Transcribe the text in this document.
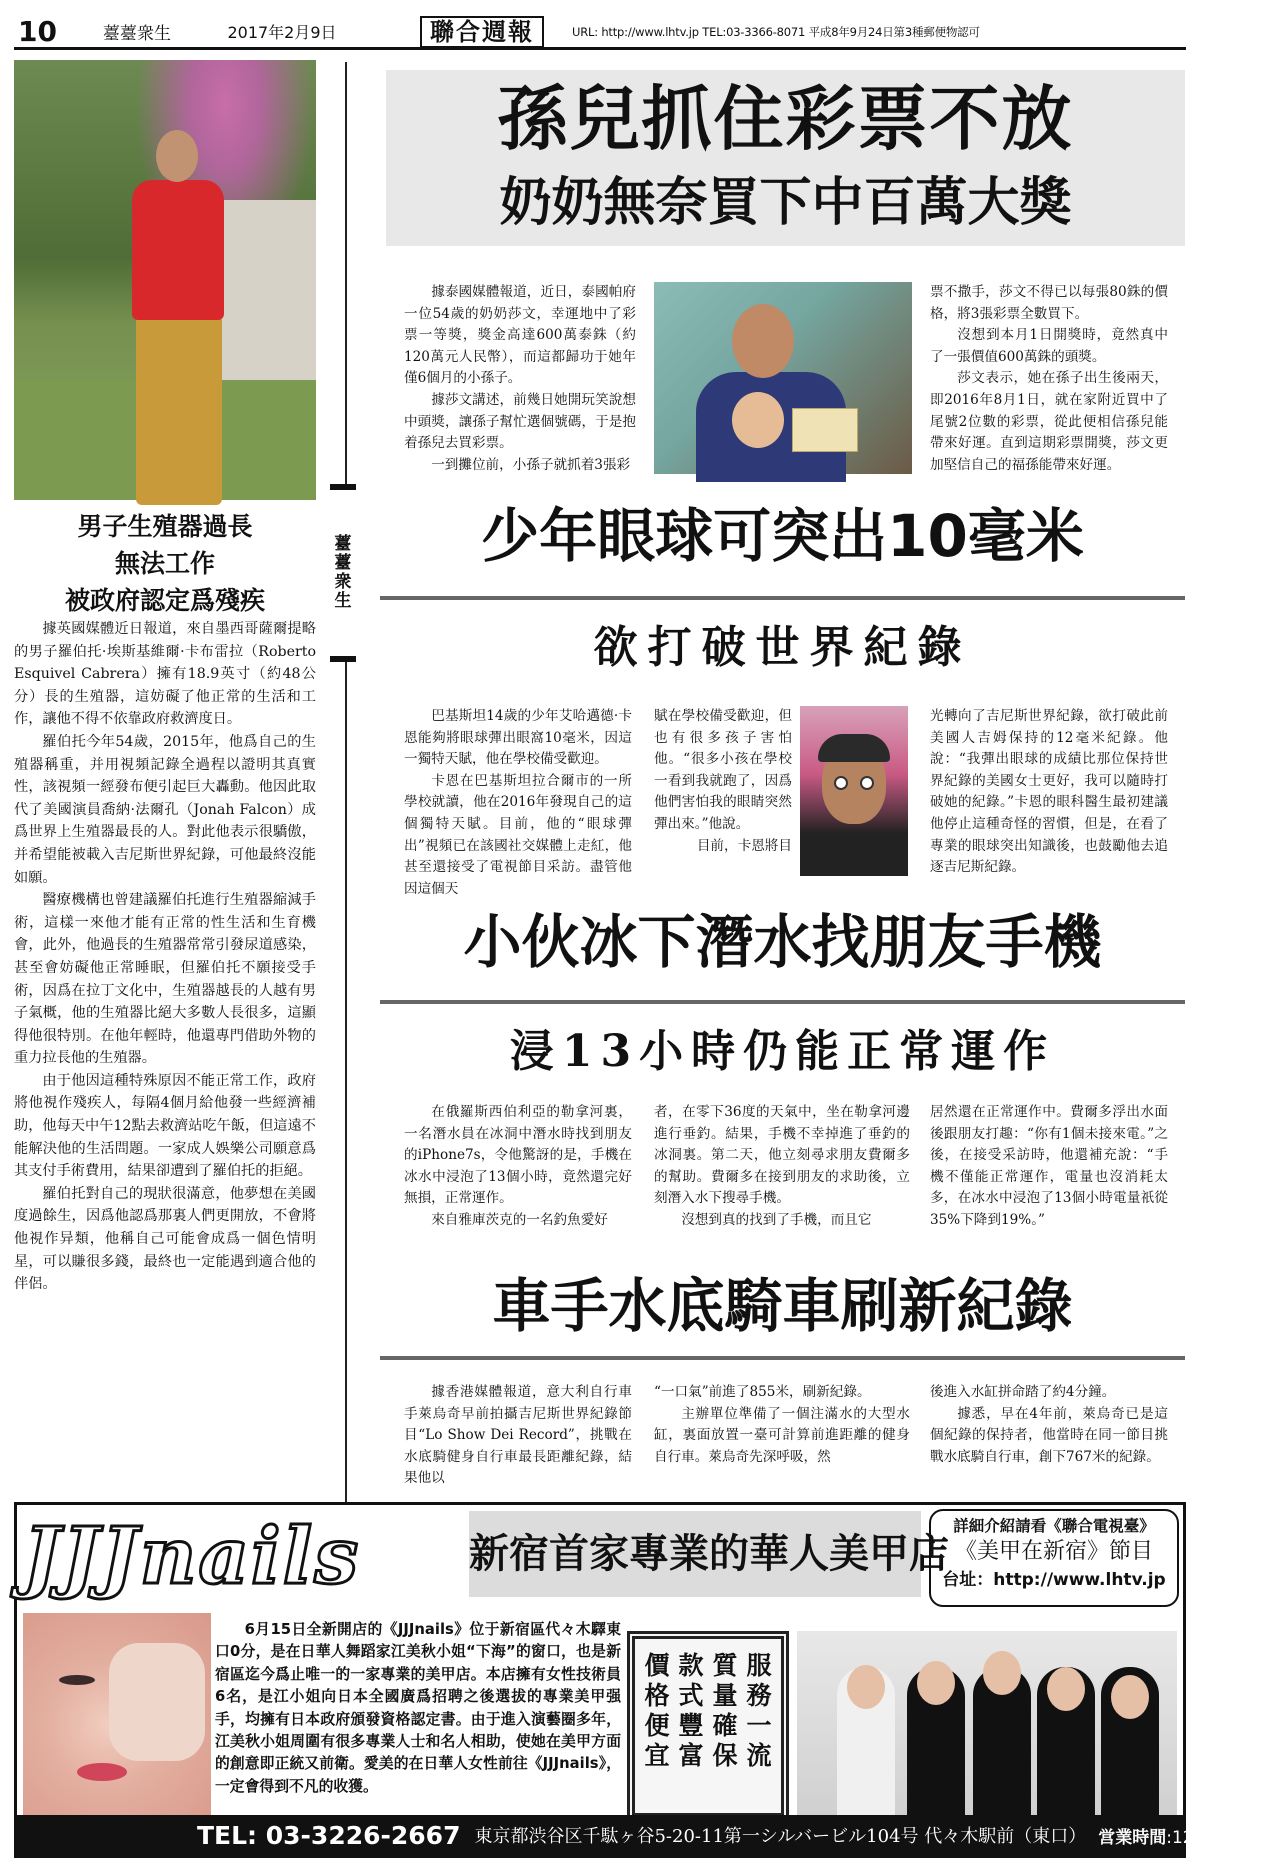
10	薹薹衆生	2017年2月9日	聯合週報	URL: http://www.lhtv.jp TEL:03-3366-8071 平成8年9月24日第3種郵便物認可
男子生殖器過長
無法工作
被政府認定爲殘疾

據英國媒體近日報道，來自墨西哥薩爾提略的男子羅伯托·埃斯基維爾·卡布雷拉（Roberto Esquivel Cabrera）擁有18.9英寸（約48公分）長的生殖器，這妨礙了他正常的生活和工作，讓他不得不依靠政府救濟度日。

羅伯托今年54歲，2015年，他爲自己的生殖器稱重，并用視頻記錄全過程以證明其真實性，該視頻一經發布便引起巨大轟動。他因此取代了美國演員喬納·法爾孔（Jonah Falcon）成爲世界上生殖器最長的人。對此他表示很驕傲，并希望能被載入吉尼斯世界紀錄，可他最終沒能如願。

醫療機構也曾建議羅伯托進行生殖器縮減手術，這樣一來他才能有正常的性生活和生育機會，此外，他過長的生殖器常常引發尿道感染，甚至會妨礙他正常睡眠，但羅伯托不願接受手術，因爲在拉丁文化中，生殖器越長的人越有男子氣概，他的生殖器比絕大多數人長很多，這顯得他很特別。在他年輕時，他還專門借助外物的重力拉長他的生殖器。

由于他因這種特殊原因不能正常工作，政府將他視作殘疾人，每隔4個月給他發一些經濟補助，他每天中午12點去救濟站吃午飯，但這遠不能解決他的生活問題。一家成人娛樂公司願意爲其支付手術費用，結果卻遭到了羅伯托的拒絕。

羅伯托對自己的現狀很滿意，他夢想在美國度過餘生，因爲他認爲那裏人們更開放，不會將他視作异類，他稱自己可能會成爲一個色情明星，可以賺很多錢，最終也一定能遇到適合他的伴侶。

薹
薹
衆
生
孫兒抓住彩票不放
奶奶無奈買下中百萬大獎

據泰國媒體報道，近日，泰國帕府一位54歲的奶奶莎文，幸運地中了彩票一等獎，獎金高達600萬泰銖（約120萬元人民幣），而這都歸功于她年僅6個月的小孫子。

據莎文講述，前幾日她開玩笑說想中頭獎，讓孫子幫忙選個號碼，于是抱着孫兒去買彩票。

一到攤位前，小孫子就抓着3張彩

票不撒手，莎文不得已以每張80銖的價格，將3張彩票全數買下。

沒想到本月1日開獎時，竟然真中了一張價值600萬銖的頭獎。

莎文表示，她在孫子出生後兩天，即2016年8月1日，就在家附近買中了尾號2位數的彩票，從此便相信孫兒能帶來好運。直到這期彩票開獎，莎文更加堅信自己的福孫能帶來好運。

少年眼球可突出10毫米
欲打破世界紀錄

巴基斯坦14歲的少年艾哈邁德·卡恩能夠將眼球彈出眼窩10毫米，因這一獨特天賦，他在學校備受歡迎。

卡恩在巴基斯坦拉合爾市的一所學校就讀，他在2016年發現自己的這個獨特天賦。目前，他的“眼球彈出”視頻已在該國社交媒體上走紅，他甚至還接受了電視節目采訪。盡管他因這個天

賦在學校備受歡迎，但也有很多孩子害怕他。“很多小孩在學校一看到我就跑了，因爲他們害怕我的眼睛突然彈出來。”他說。

目前，卡恩將目

光轉向了吉尼斯世界紀錄，欲打破此前美國人吉姆保持的12毫米紀錄。他說：“我彈出眼球的成績比那位保持世界紀錄的美國女士更好，我可以隨時打破她的紀錄。”卡恩的眼科醫生最初建議他停止這種奇怪的習慣，但是，在看了專業的眼球突出知識後，也鼓勵他去追逐吉尼斯紀錄。

小伙冰下潛水找朋友手機
浸13小時仍能正常運作

在俄羅斯西伯利亞的勒拿河裏，一名潛水員在冰洞中潛水時找到朋友的iPhone7s，令他驚訝的是，手機在冰水中浸泡了13個小時，竟然還完好無損，正常運作。

來自雅庫茨克的一名釣魚愛好

者，在零下36度的天氣中，坐在勒拿河邊進行垂釣。結果，手機不幸掉進了垂釣的冰洞裏。第二天，他立刻尋求朋友費爾多的幫助。費爾多在接到朋友的求助後，立刻潛入水下搜尋手機。

沒想到真的找到了手機，而且它

居然還在正常運作中。費爾多浮出水面後跟朋友打趣：“你有1個未接來電。”之後，在接受采訪時，他還補充說：“手機不僅能正常運作，電量也沒消耗太多，在冰水中浸泡了13個小時電量祇從35%下降到19%。”

車手水底騎車刷新紀錄

據香港媒體報道，意大利自行車手萊烏奇早前拍攝吉尼斯世界紀錄節目“Lo Show Dei Record”，挑戰在水底騎健身自行車最長距離紀錄，結果他以

“一口氣”前進了855米，刷新紀錄。

主辦單位準備了一個注滿水的大型水缸，裏面放置一臺可計算前進距離的健身自行車。萊烏奇先深呼吸，然

後進入水缸拼命踏了約4分鐘。

據悉，早在4年前，萊烏奇已是這個紀錄的保持者，他當時在同一節目挑戰水底騎自行車，創下767米的紀錄。

JJJnails	新宿首家專業的華人美甲店
詳細介紹請看《聯合電視臺》
《美甲在新宿》節目
台址：http://www.lhtv.jp

6月15日全新開店的《JJJnails》位于新宿區代々木驛東口0分，是在日華人舞蹈家江美秋小姐“下海”的窗口，也是新宿區迄今爲止唯一的一家專業的美甲店。本店擁有女性技術員6名，是江小姐向日本全國廣爲招聘之後選拔的專業美甲强手，均擁有日本政府頒發資格認定書。由于進入演藝圈多年，江美秋小姐周圍有很多專業人士和名人相助，使她在美甲方面的創意即正統又前衛。愛美的在日華人女性前往《JJJnails》，一定會得到不凡的收獲。

服務一流
質量確保
款式豐富
價格便宜
TEL: 03-3226-2667 東京都渋谷区千駄ヶ谷5-20-11第一シルバービル104号 代々木駅前（東口） 営業時間:12時至22時
